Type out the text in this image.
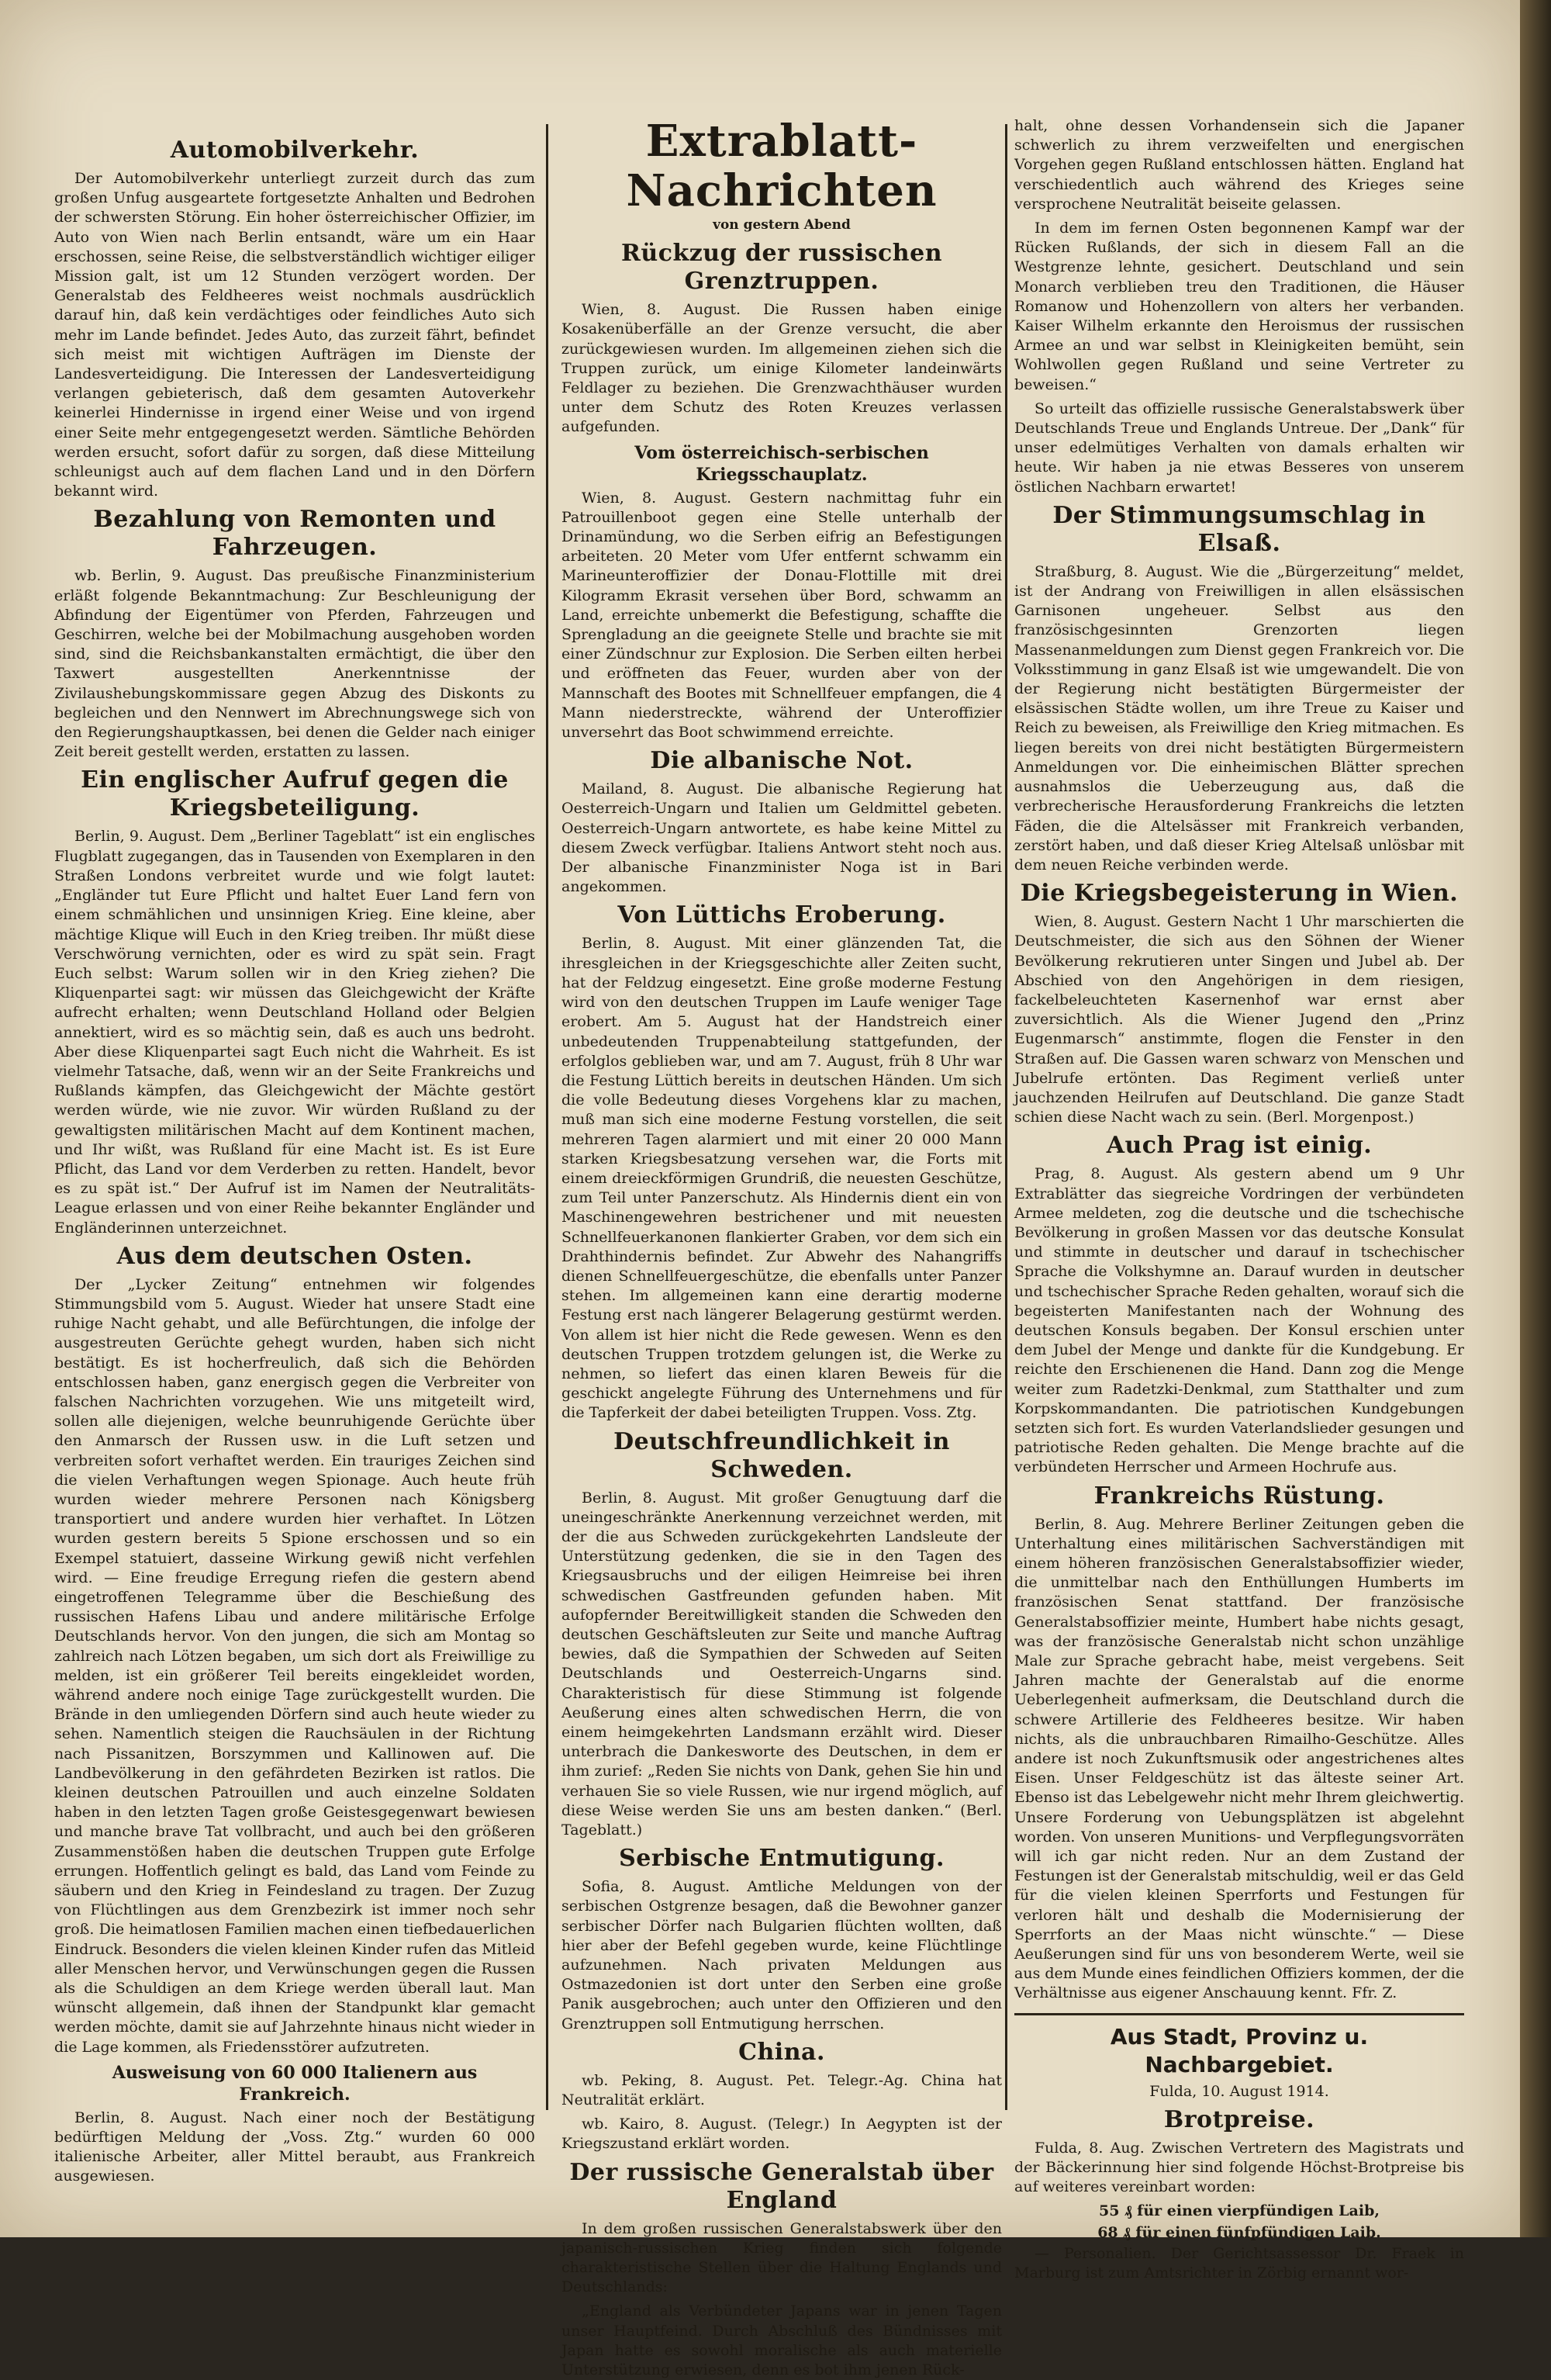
Automobilverkehr.

Der Automobilverkehr unterliegt zurzeit durch das zum großen Unfug ausgeartete fortgesetzte Anhalten und Bedrohen der schwersten Störung. Ein hoher österreichischer Offizier, im Auto von Wien nach Berlin entsandt, wäre um ein Haar erschossen, seine Reise, die selbstverständlich wichtiger eiliger Mission galt, ist um 12 Stunden verzögert worden. Der Generalstab des Feldheeres weist nochmals ausdrücklich darauf hin, daß kein verdächtiges oder feindliches Auto sich mehr im Lande befindet. Jedes Auto, das zurzeit fährt, befindet sich meist mit wichtigen Aufträgen im Dienste der Landesverteidigung. Die Interessen der Landesverteidigung verlangen gebieterisch, daß dem gesamten Autoverkehr keinerlei Hindernisse in irgend einer Weise und von irgend einer Seite mehr entgegengesetzt werden. Sämtliche Behörden werden ersucht, sofort dafür zu sorgen, daß diese Mitteilung schleunigst auch auf dem flachen Land und in den Dörfern bekannt wird.

Bezahlung von Remonten und Fahrzeugen.

wb. Berlin, 9. August. Das preußische Finanzministerium erläßt folgende Bekanntmachung: Zur Beschleunigung der Abfindung der Eigentümer von Pferden, Fahrzeugen und Geschirren, welche bei der Mobilmachung ausgehoben worden sind, sind die Reichsbankanstalten ermächtigt, die über den Taxwert ausgestellten Anerkenntnisse der Zivilaushebungskommissare gegen Abzug des Diskonts zu begleichen und den Nennwert im Abrechnungswege sich von den Regierungshauptkassen, bei denen die Gelder nach einiger Zeit bereit gestellt werden, erstatten zu lassen.

Ein englischer Aufruf gegen die Kriegsbeteiligung.

Berlin, 9. August. Dem „Berliner Tageblatt“ ist ein englisches Flugblatt zugegangen, das in Tausenden von Exemplaren in den Straßen Londons verbreitet wurde und wie folgt lautet: „Engländer tut Eure Pflicht und haltet Euer Land fern von einem schmählichen und unsinnigen Krieg. Eine kleine, aber mächtige Klique will Euch in den Krieg treiben. Ihr müßt diese Verschwörung vernichten, oder es wird zu spät sein. Fragt Euch selbst: Warum sollen wir in den Krieg ziehen? Die Kliquenpartei sagt: wir müssen das Gleichgewicht der Kräfte aufrecht erhalten; wenn Deutschland Holland oder Belgien annektiert, wird es so mächtig sein, daß es auch uns bedroht. Aber diese Kliquenpartei sagt Euch nicht die Wahrheit. Es ist vielmehr Tatsache, daß, wenn wir an der Seite Frankreichs und Rußlands kämpfen, das Gleichgewicht der Mächte gestört werden würde, wie nie zuvor. Wir würden Rußland zu der gewaltigsten militärischen Macht auf dem Kontinent machen, und Ihr wißt, was Rußland für eine Macht ist. Es ist Eure Pflicht, das Land vor dem Verderben zu retten. Handelt, bevor es zu spät ist.“ Der Aufruf ist im Namen der Neutralitäts-League erlassen und von einer Reihe bekannter Engländer und Engländerinnen unterzeichnet.

Aus dem deutschen Osten.

Der „Lycker Zeitung“ entnehmen wir folgendes Stimmungsbild vom 5. August. Wieder hat unsere Stadt eine ruhige Nacht gehabt, und alle Befürchtungen, die infolge der ausgestreuten Gerüchte gehegt wurden, haben sich nicht bestätigt. Es ist hocherfreulich, daß sich die Behörden entschlossen haben, ganz energisch gegen die Verbreiter von falschen Nachrichten vorzugehen. Wie uns mitgeteilt wird, sollen alle diejenigen, welche beunruhigende Gerüchte über den Anmarsch der Russen usw. in die Luft setzen und verbreiten sofort verhaftet werden. Ein trauriges Zeichen sind die vielen Verhaftungen wegen Spionage. Auch heute früh wurden wieder mehrere Personen nach Königsberg transportiert und andere wurden hier verhaftet. In Lötzen wurden gestern bereits 5 Spione erschossen und so ein Exempel statuiert, dasseine Wirkung gewiß nicht verfehlen wird. — Eine freudige Erregung riefen die gestern abend eingetroffenen Telegramme über die Beschießung des russischen Hafens Libau und andere militärische Erfolge Deutschlands hervor. Von den jungen, die sich am Montag so zahlreich nach Lötzen begaben, um sich dort als Freiwillige zu melden, ist ein größerer Teil bereits eingekleidet worden, während andere noch einige Tage zurückgestellt wurden. Die Brände in den umliegenden Dörfern sind auch heute wieder zu sehen. Namentlich steigen die Rauchsäulen in der Richtung nach Pissanitzen, Borszymmen und Kallinowen auf. Die Landbevölkerung in den gefährdeten Bezirken ist ratlos. Die kleinen deutschen Patrouillen und auch einzelne Soldaten haben in den letzten Tagen große Geistesgegenwart bewiesen und manche brave Tat vollbracht, und auch bei den größeren Zusammenstößen haben die deutschen Truppen gute Erfolge errungen. Hoffentlich gelingt es bald, das Land vom Feinde zu säubern und den Krieg in Feindesland zu tragen. Der Zuzug von Flüchtlingen aus dem Grenzbezirk ist immer noch sehr groß. Die heimatlosen Familien machen einen tiefbedauerlichen Eindruck. Besonders die vielen kleinen Kinder rufen das Mitleid aller Menschen hervor, und Verwünschungen gegen die Russen als die Schuldigen an dem Kriege werden überall laut. Man wünscht allgemein, daß ihnen der Standpunkt klar gemacht werden möchte, damit sie auf Jahrzehnte hinaus nicht wieder in die Lage kommen, als Friedensstörer aufzutreten.

Ausweisung von 60 000 Italienern aus Frankreich.

Berlin, 8. August. Nach einer noch der Bestätigung bedürftigen Meldung der „Voss. Ztg.“ wurden 60 000 italienische Arbeiter, aller Mittel beraubt, aus Frankreich ausgewiesen.

Extrablatt-Nachrichten
von gestern Abend
Rückzug der russischen Grenztruppen.

Wien, 8. August. Die Russen haben einige Kosakenüberfälle an der Grenze versucht, die aber zurückgewiesen wurden. Im allgemeinen ziehen sich die Truppen zurück, um einige Kilometer landeinwärts Feldlager zu beziehen. Die Grenzwachthäuser wurden unter dem Schutz des Roten Kreuzes verlassen aufgefunden.

Vom österreichisch-serbischen Kriegsschauplatz.

Wien, 8. August. Gestern nachmittag fuhr ein Patrouillenboot gegen eine Stelle unterhalb der Drinamündung, wo die Serben eifrig an Befestigungen arbeiteten. 20 Meter vom Ufer entfernt schwamm ein Marineunteroffizier der Donau-Flottille mit drei Kilogramm Ekrasit versehen über Bord, schwamm an Land, erreichte unbemerkt die Befestigung, schaffte die Sprengladung an die geeignete Stelle und brachte sie mit einer Zündschnur zur Explosion. Die Serben eilten herbei und eröffneten das Feuer, wurden aber von der Mannschaft des Bootes mit Schnellfeuer empfangen, die 4 Mann niederstreckte, während der Unteroffizier unversehrt das Boot schwimmend erreichte.

Die albanische Not.

Mailand, 8. August. Die albanische Regierung hat Oesterreich-Ungarn und Italien um Geldmittel gebeten. Oesterreich-Ungarn antwortete, es habe keine Mittel zu diesem Zweck verfügbar. Italiens Antwort steht noch aus. Der albanische Finanzminister Noga ist in Bari angekommen.

Von Lüttichs Eroberung.

Berlin, 8. August. Mit einer glänzenden Tat, die ihresgleichen in der Kriegsgeschichte aller Zeiten sucht, hat der Feldzug eingesetzt. Eine große moderne Festung wird von den deutschen Truppen im Laufe weniger Tage erobert. Am 5. August hat der Handstreich einer unbedeutenden Truppenabteilung stattgefunden, der erfolglos geblieben war, und am 7. August, früh 8 Uhr war die Festung Lüttich bereits in deutschen Händen. Um sich die volle Bedeutung dieses Vorgehens klar zu machen, muß man sich eine moderne Festung vorstellen, die seit mehreren Tagen alarmiert und mit einer 20 000 Mann starken Kriegsbesatzung versehen war, die Forts mit einem dreieckförmigen Grundriß, die neuesten Geschütze, zum Teil unter Panzerschutz. Als Hindernis dient ein von Maschinengewehren bestrichener und mit neuesten Schnellfeuerkanonen flankierter Graben, vor dem sich ein Drahthindernis befindet. Zur Abwehr des Nahangriffs dienen Schnellfeuergeschütze, die ebenfalls unter Panzer stehen. Im allgemeinen kann eine derartig moderne Festung erst nach längerer Belagerung gestürmt werden. Von allem ist hier nicht die Rede gewesen. Wenn es den deutschen Truppen trotzdem gelungen ist, die Werke zu nehmen, so liefert das einen klaren Beweis für die geschickt angelegte Führung des Unternehmens und für die Tapferkeit der dabei beteiligten Truppen. Voss. Ztg.

Deutschfreundlichkeit in Schweden.

Berlin, 8. August. Mit großer Genugtuung darf die uneingeschränkte Anerkennung verzeichnet werden, mit der die aus Schweden zurückgekehrten Landsleute der Unterstützung gedenken, die sie in den Tagen des Kriegsausbruchs und der eiligen Heimreise bei ihren schwedischen Gastfreunden gefunden haben. Mit aufopfernder Bereitwilligkeit standen die Schweden den deutschen Geschäftsleuten zur Seite und manche Auftrag bewies, daß die Sympathien der Schweden auf Seiten Deutschlands und Oesterreich-Ungarns sind. Charakteristisch für diese Stimmung ist folgende Aeußerung eines alten schwedischen Herrn, die von einem heimgekehrten Landsmann erzählt wird. Dieser unterbrach die Dankesworte des Deutschen, in dem er ihm zurief: „Reden Sie nichts von Dank, gehen Sie hin und verhauen Sie so viele Russen, wie nur irgend möglich, auf diese Weise werden Sie uns am besten danken.“ (Berl. Tageblatt.)

Serbische Entmutigung.

Sofia, 8. August. Amtliche Meldungen von der serbischen Ostgrenze besagen, daß die Bewohner ganzer serbischer Dörfer nach Bulgarien flüchten wollten, daß hier aber der Befehl gegeben wurde, keine Flüchtlinge aufzunehmen. Nach privaten Meldungen aus Ostmazedonien ist dort unter den Serben eine große Panik ausgebrochen; auch unter den Offizieren und den Grenztruppen soll Entmutigung herrschen.

China.

wb. Peking, 8. August. Pet. Telegr.-Ag. China hat Neutralität erklärt.

wb. Kairo, 8. August. (Telegr.) In Aegypten ist der Kriegszustand erklärt worden.

Der russische Generalstab über England

In dem großen russischen Generalstabswerk über den japanisch-russischen Krieg finden sich folgende charakteristische Stellen über die Haltung Englands und Deutschlands:

„England als Verbündeter Japans war in jenen Tagen unser Hauptfeind. Durch Abschluß des Bündnisses mit Japan hatte es sowohl moralische als auch materielle Unterstützung erwiesen, denn es bot ihm jenen Rück-

halt, ohne dessen Vorhandensein sich die Japaner schwerlich zu ihrem verzweifelten und energischen Vorgehen gegen Rußland entschlossen hätten. England hat verschiedentlich auch während des Krieges seine versprochene Neutralität beiseite gelassen.

In dem im fernen Osten begonnenen Kampf war der Rücken Rußlands, der sich in diesem Fall an die Westgrenze lehnte, gesichert. Deutschland und sein Monarch verblieben treu den Traditionen, die Häuser Romanow und Hohenzollern von alters her verbanden. Kaiser Wilhelm erkannte den Heroismus der russischen Armee an und war selbst in Kleinigkeiten bemüht, sein Wohlwollen gegen Rußland und seine Vertreter zu beweisen.“

So urteilt das offizielle russische Generalstabswerk über Deutschlands Treue und Englands Untreue. Der „Dank“ für unser edelmütiges Verhalten von damals erhalten wir heute. Wir haben ja nie etwas Besseres von unserem östlichen Nachbarn erwartet!

Der Stimmungsumschlag in Elsaß.

Straßburg, 8. August. Wie die „Bürgerzeitung“ meldet, ist der Andrang von Freiwilligen in allen elsässischen Garnisonen ungeheuer. Selbst aus den französischgesinnten Grenzorten liegen Massenanmeldungen zum Dienst gegen Frankreich vor. Die Volksstimmung in ganz Elsaß ist wie umgewandelt. Die von der Regierung nicht bestätigten Bürgermeister der elsässischen Städte wollen, um ihre Treue zu Kaiser und Reich zu beweisen, als Freiwillige den Krieg mitmachen. Es liegen bereits von drei nicht bestätigten Bürgermeistern Anmeldungen vor. Die einheimischen Blätter sprechen ausnahmslos die Ueberzeugung aus, daß die verbrecherische Herausforderung Frankreichs die letzten Fäden, die die Altelsässer mit Frankreich verbanden, zerstört haben, und daß dieser Krieg Altelsaß unlösbar mit dem neuen Reiche verbinden werde.

Die Kriegsbegeisterung in Wien.

Wien, 8. August. Gestern Nacht 1 Uhr marschierten die Deutschmeister, die sich aus den Söhnen der Wiener Bevölkerung rekrutieren unter Singen und Jubel ab. Der Abschied von den Angehörigen in dem riesigen, fackelbeleuchteten Kasernenhof war ernst aber zuversichtlich. Als die Wiener Jugend den „Prinz Eugenmarsch“ anstimmte, flogen die Fenster in den Straßen auf. Die Gassen waren schwarz von Menschen und Jubelrufe ertönten. Das Regiment verließ unter jauchzenden Heilrufen auf Deutschland. Die ganze Stadt schien diese Nacht wach zu sein. (Berl. Morgenpost.)

Auch Prag ist einig.

Prag, 8. August. Als gestern abend um 9 Uhr Extrablätter das siegreiche Vordringen der verbündeten Armee meldeten, zog die deutsche und die tschechische Bevölkerung in großen Massen vor das deutsche Konsulat und stimmte in deutscher und darauf in tschechischer Sprache die Volkshymne an. Darauf wurden in deutscher und tschechischer Sprache Reden gehalten, worauf sich die begeisterten Manifestanten nach der Wohnung des deutschen Konsuls begaben. Der Konsul erschien unter dem Jubel der Menge und dankte für die Kundgebung. Er reichte den Erschienenen die Hand. Dann zog die Menge weiter zum Radetzki-Denkmal, zum Statthalter und zum Korpskommandanten. Die patriotischen Kundgebungen setzten sich fort. Es wurden Vaterlandslieder gesungen und patriotische Reden gehalten. Die Menge brachte auf die verbündeten Herrscher und Armeen Hochrufe aus.

Frankreichs Rüstung.

Berlin, 8. Aug. Mehrere Berliner Zeitungen geben die Unterhaltung eines militärischen Sachverständigen mit einem höheren französischen Generalstabsoffizier wieder, die unmittelbar nach den Enthüllungen Humberts im französischen Senat stattfand. Der französische Generalstabsoffizier meinte, Humbert habe nichts gesagt, was der französische Generalstab nicht schon unzählige Male zur Sprache gebracht habe, meist vergebens. Seit Jahren machte der Generalstab auf die enorme Ueberlegenheit aufmerksam, die Deutschland durch die schwere Artillerie des Feldheeres besitze. Wir haben nichts, als die unbrauchbaren Rimailho-Geschütze. Alles andere ist noch Zukunftsmusik oder angestrichenes altes Eisen. Unser Feldgeschütz ist das älteste seiner Art. Ebenso ist das Lebelgewehr nicht mehr Ihrem gleichwertig. Unsere Forderung von Uebungsplätzen ist abgelehnt worden. Von unseren Munitions- und Verpflegungsvorräten will ich gar nicht reden. Nur an dem Zustand der Festungen ist der Generalstab mitschuldig, weil er das Geld für die vielen kleinen Sperrforts und Festungen für verloren hält und deshalb die Modernisierung der Sperrforts an der Maas nicht wünschte.“ — Diese Aeußerungen sind für uns von besonderem Werte, weil sie aus dem Munde eines feindlichen Offiziers kommen, der die Verhältnisse aus eigener Anschauung kennt. Ffr. Z.

Aus Stadt, Provinz u. Nachbargebiet.
Fulda, 10. August 1914.
Brotpreise.

Fulda, 8. Aug. Zwischen Vertretern des Magistrats und der Bäckerinnung hier sind folgende Höchst-Brotpreise bis auf weiteres vereinbart worden:

55 ₰ für einen vierpfündigen Laib,
68 ₰ für einen fünfpfündigen Laib.

— Personalien. Der Gerichtsassessor Dr. Fraek in Marburg ist zum Amtsrichter in Zörbig ernannt wor-
